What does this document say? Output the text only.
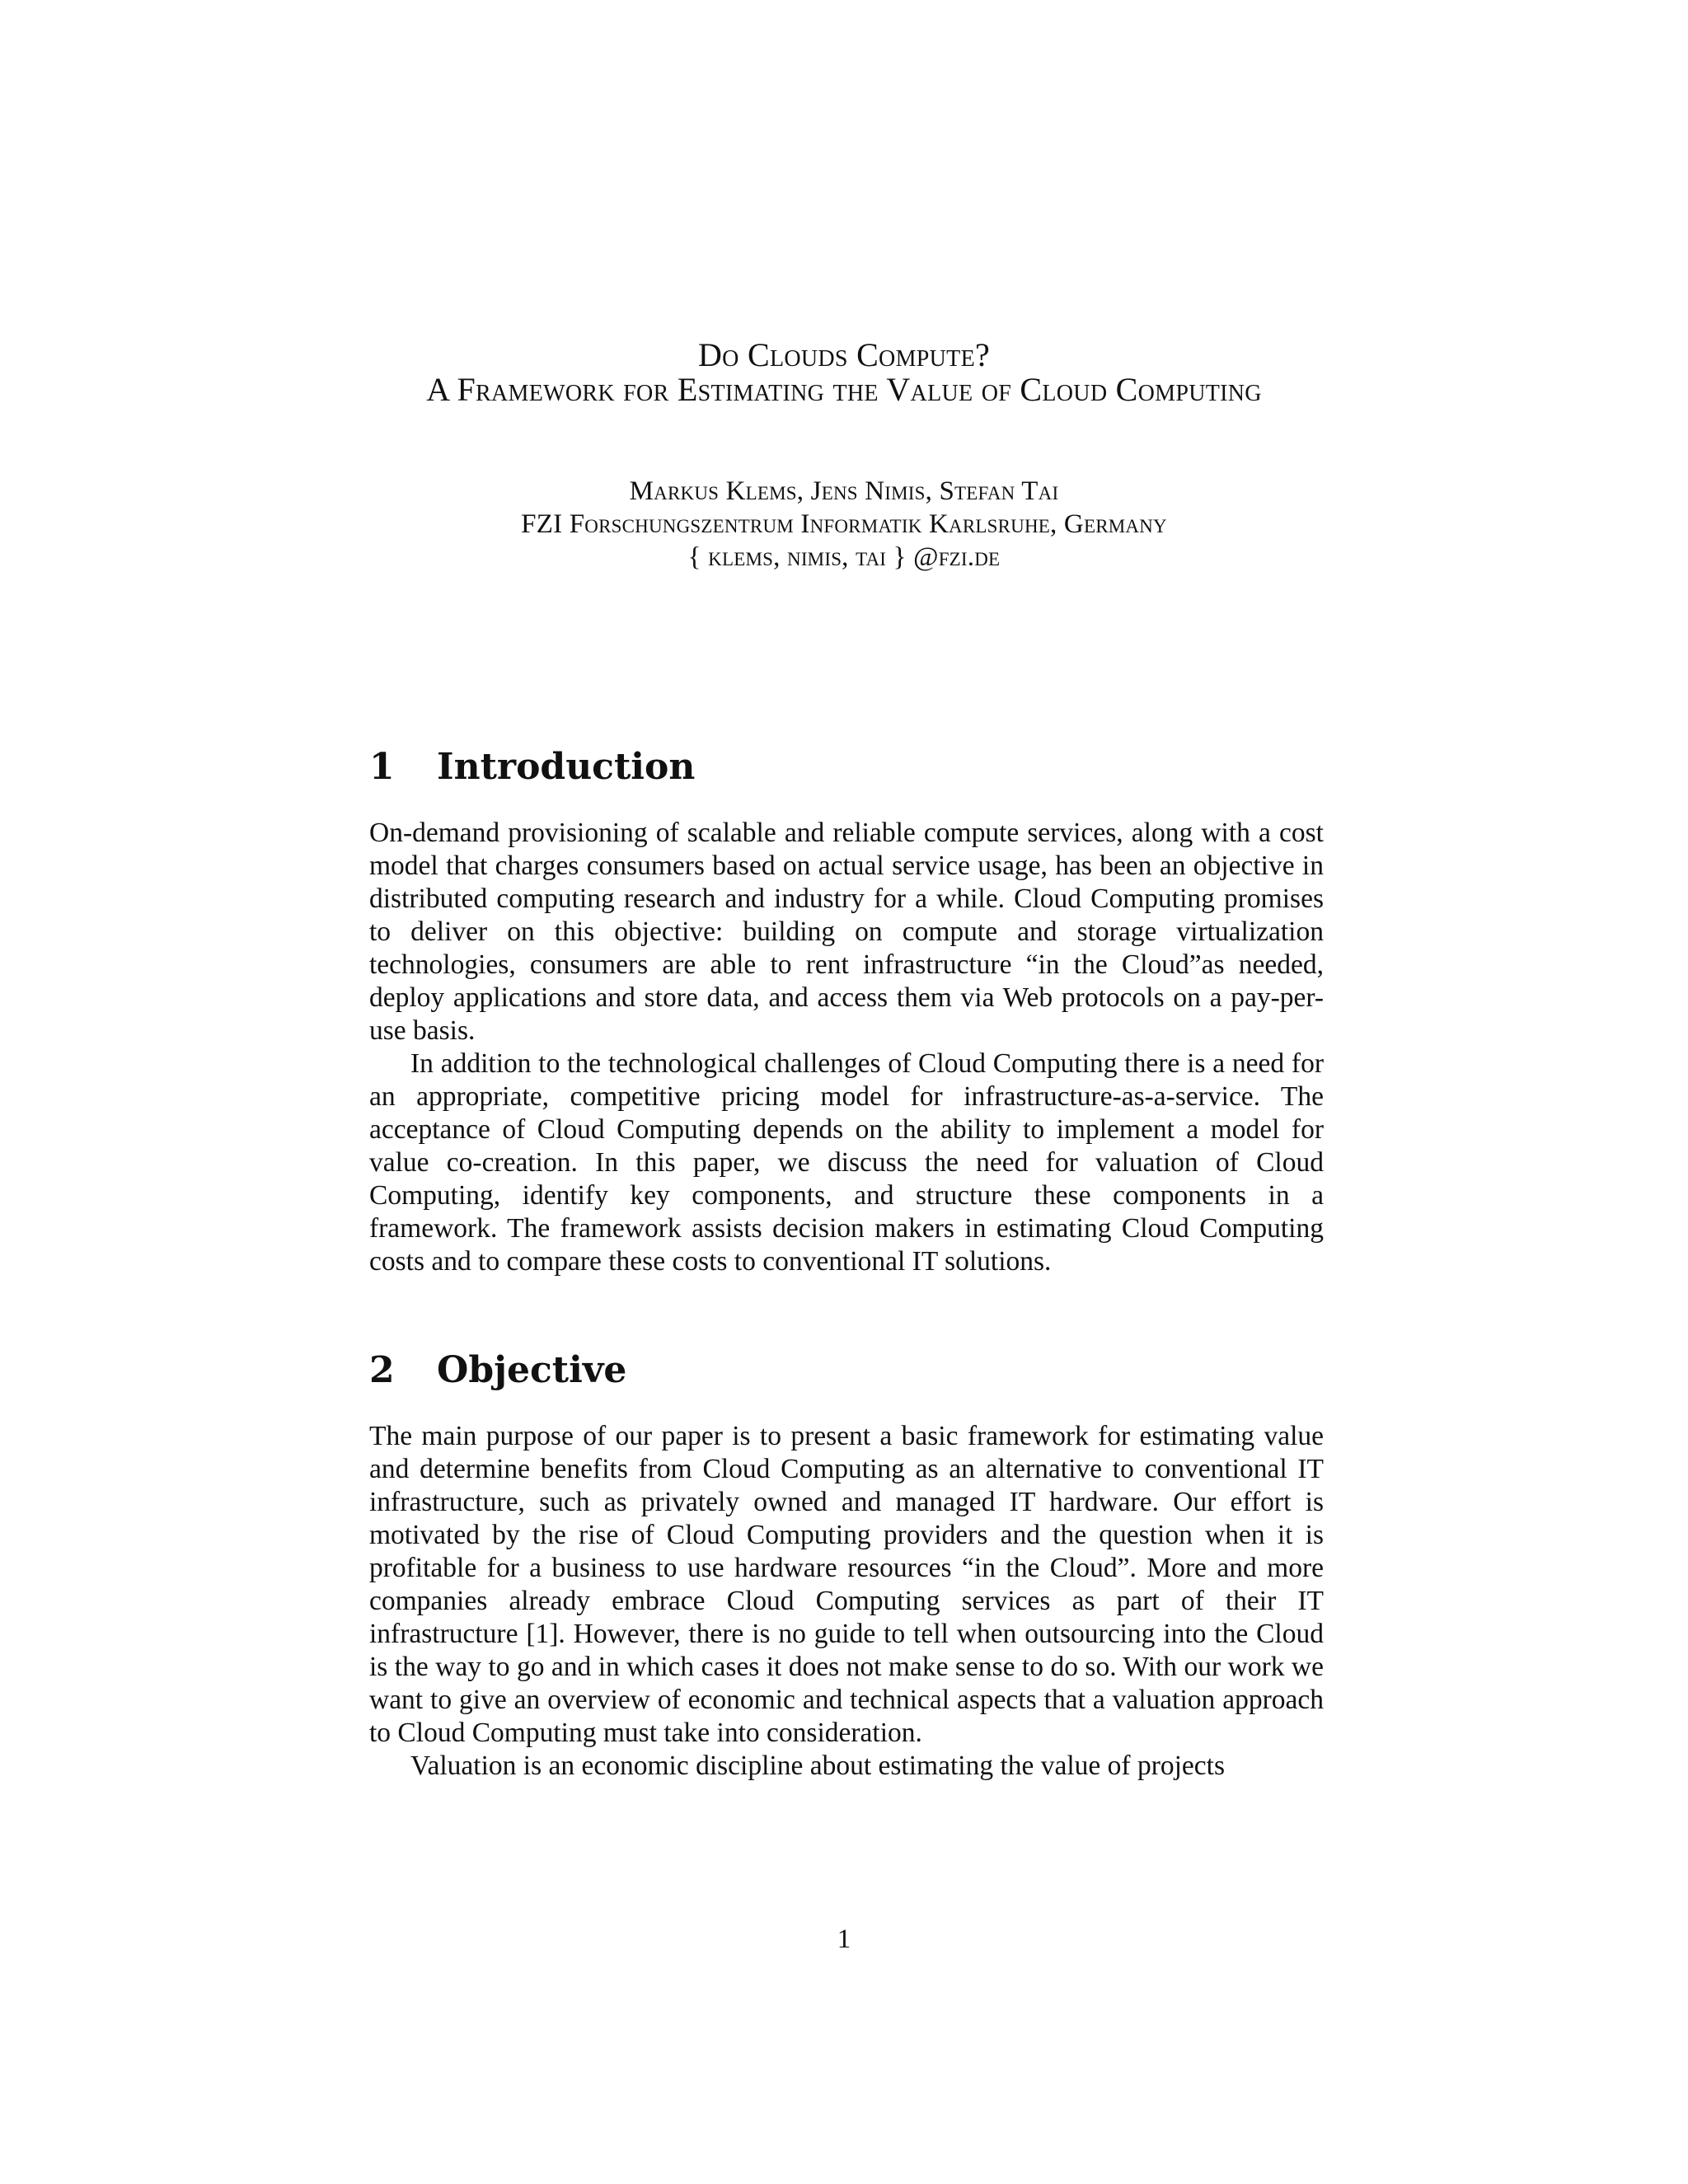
Do Clouds Compute?
A Framework for Estimating the Value of Cloud Computing
Markus Klems, Jens Nimis, Stefan Tai
FZI Forschungszentrum Informatik Karlsruhe, Germany
{ klems, nimis, tai } @fzi.de
1 Introduction

On-demand provisioning of scalable and reliable compute services, along with a cost model that charges consumers based on actual service usage, has been an objective in distributed computing research and industry for a while. Cloud Computing promises to deliver on this objective: building on compute and storage virtualization technologies, consumers are able to rent infrastructure “in the Cloud”as needed, deploy applications and store data, and access them via Web protocols on a pay-per-use basis.

In addition to the technological challenges of Cloud Computing there is a need for an appropriate, competitive pricing model for infrastructure-as-a-service. The acceptance of Cloud Computing depends on the ability to implement a model for value co-creation. In this paper, we discuss the need for valuation of Cloud Computing, identify key components, and structure these components in a framework. The framework assists decision makers in estimating Cloud Computing costs and to compare these costs to conventional IT solutions.

2 Objective

The main purpose of our paper is to present a basic framework for estimating value and determine benefits from Cloud Computing as an alternative to conventional IT infrastructure, such as privately owned and managed IT hardware. Our effort is motivated by the rise of Cloud Computing providers and the question when it is profitable for a business to use hardware resources “in the Cloud”. More and more companies already embrace Cloud Computing services as part of their IT infrastructure [1]. However, there is no guide to tell when outsourcing into the Cloud is the way to go and in which cases it does not make sense to do so. With our work we want to give an overview of economic and technical aspects that a valuation approach to Cloud Computing must take into consideration.

Valuation is an economic discipline about estimating the value of projects

1
